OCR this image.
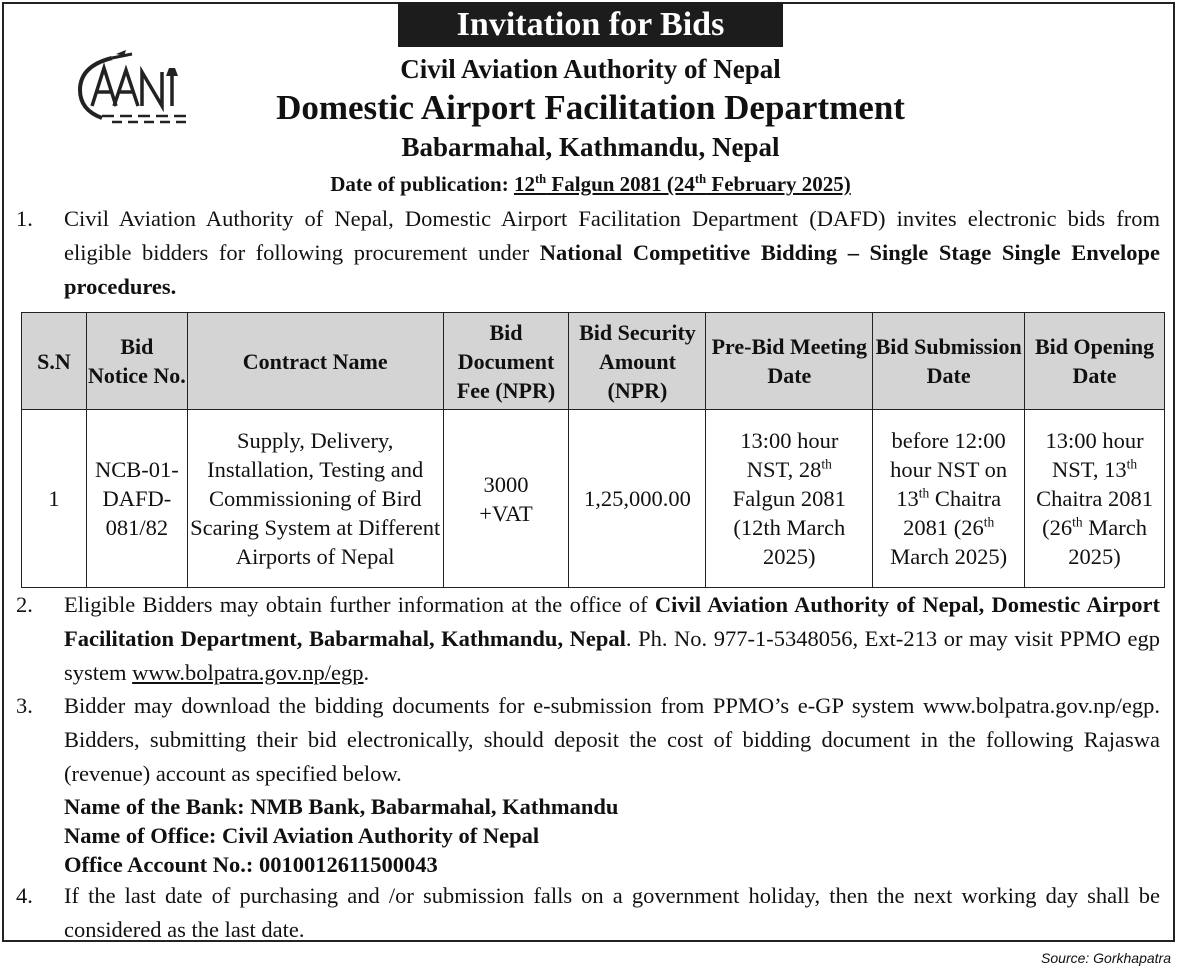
Invitation for Bids
Civil Aviation Authority of Nepal
Domestic Airport Facilitation Department
Babarmahal, Kathmandu, Nepal
Date of publication: 12th Falgun 2081 (24th February 2025)
1. Civil Aviation Authority of Nepal, Domestic Airport Facilitation Department (DAFD) invites electronic bids from eligible bidders for following procurement under National Competitive Bidding – Single Stage Single Envelope procedures.
S.N	Bid Notice No.	Contract Name	Bid Document Fee (NPR)	Bid Security Amount (NPR)	Pre-Bid Meeting Date	Bid Submission Date	Bid Opening Date
1	NCB-01-DAFD-081/82	Supply, Delivery, Installation, Testing and Commissioning of Bird Scaring System at Different Airports of Nepal	3000 +VAT	1,25,000.00	13:00 hour NST, 28th Falgun 2081 (12th March 2025)	before 12:00 hour NST on 13th Chaitra 2081 (26th March 2025)	13:00 hour NST, 13th Chaitra 2081 (26th March 2025)
2. Eligible Bidders may obtain further information at the office of Civil Aviation Authority of Nepal, Domestic Airport Facilitation Department, Babarmahal, Kathmandu, Nepal. Ph. No. 977-1-5348056, Ext-213 or may visit PPMO egp system www.bolpatra.gov.np/egp.
3. Bidder may download the bidding documents for e-submission from PPMO’s e-GP system www.bolpatra.gov.np/egp. Bidders, submitting their bid electronically, should deposit the cost of bidding document in the following Rajaswa (revenue) account as specified below.
Name of the Bank: NMB Bank, Babarmahal, Kathmandu
Name of Office: Civil Aviation Authority of Nepal
Office Account No.: 0010012611500043
4. If the last date of purchasing and /or submission falls on a government holiday, then the next working day shall be considered as the last date.
Source: Gorkhapatra
